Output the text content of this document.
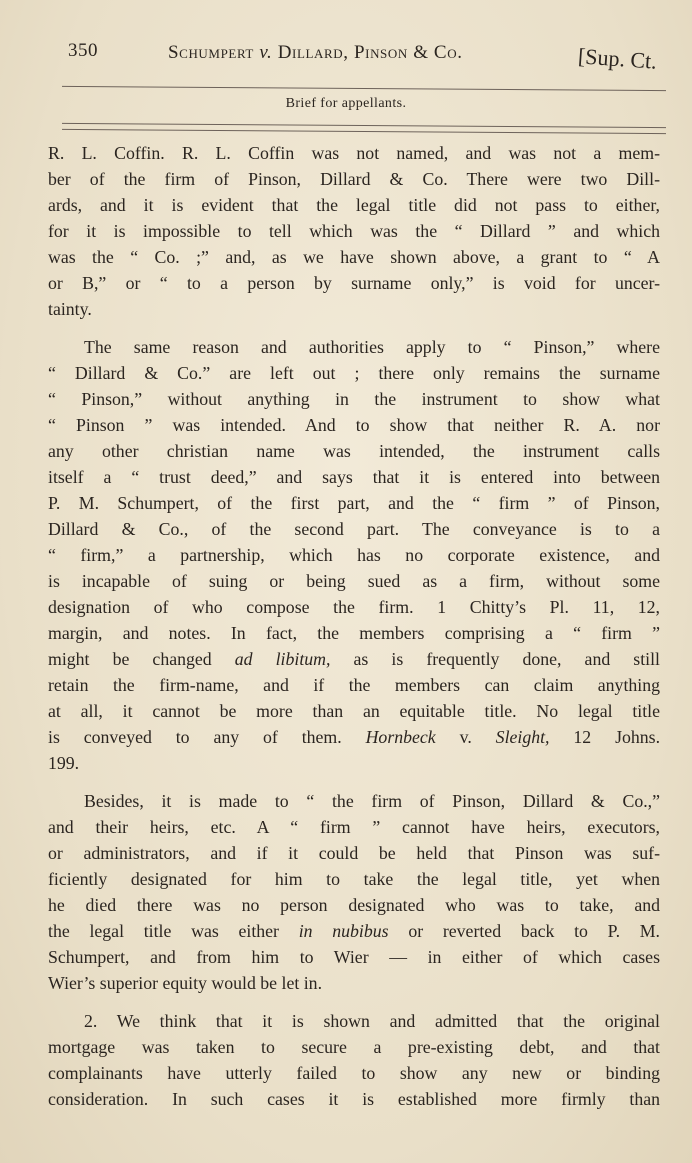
350	Schumpert v. Dillard, Pinson & Co.	[Sup. Ct.
Brief for appellants.
R. L. Coffin. R. L. Coffin was not named, and was not a mem-
ber of the firm of Pinson, Dillard & Co. There were two Dill-
ards, and it is evident that the legal title did not pass to either,
for it is impossible to tell which was the “ Dillard ” and which
was the “ Co. ;” and, as we have shown above, a grant to “ A
or B,” or “ to a person by surname only,” is void for uncer-
tainty.
The same reason and authorities apply to “ Pinson,” where
“ Dillard & Co.” are left out ; there only remains the surname
“ Pinson,” without anything in the instrument to show what
“ Pinson ” was intended. And to show that neither R. A. nor
any other christian name was intended, the instrument calls
itself a “ trust deed,” and says that it is entered into between
P. M. Schumpert, of the first part, and the “ firm ” of Pinson,
Dillard & Co., of the second part. The conveyance is to a
“ firm,” a partnership, which has no corporate existence, and
is incapable of suing or being sued as a firm, without some
designation of who compose the firm. 1 Chitty’s Pl. 11, 12,
margin, and notes. In fact, the members comprising a “ firm ”
might be changed ad libitum, as is frequently done, and still
retain the firm-name, and if the members can claim anything
at all, it cannot be more than an equitable title. No legal title
is conveyed to any of them. Hornbeck v. Sleight, 12 Johns.
199.
Besides, it is made to “ the firm of Pinson, Dillard & Co.,”
and their heirs, etc. A “ firm ” cannot have heirs, executors,
or administrators, and if it could be held that Pinson was suf-
ficiently designated for him to take the legal title, yet when
he died there was no person designated who was to take, and
the legal title was either in nubibus or reverted back to P. M.
Schumpert, and from him to Wier — in either of which cases
Wier’s superior equity would be let in.
2. We think that it is shown and admitted that the original
mortgage was taken to secure a pre-existing debt, and that
complainants have utterly failed to show any new or binding
consideration. In such cases it is established more firmly than
